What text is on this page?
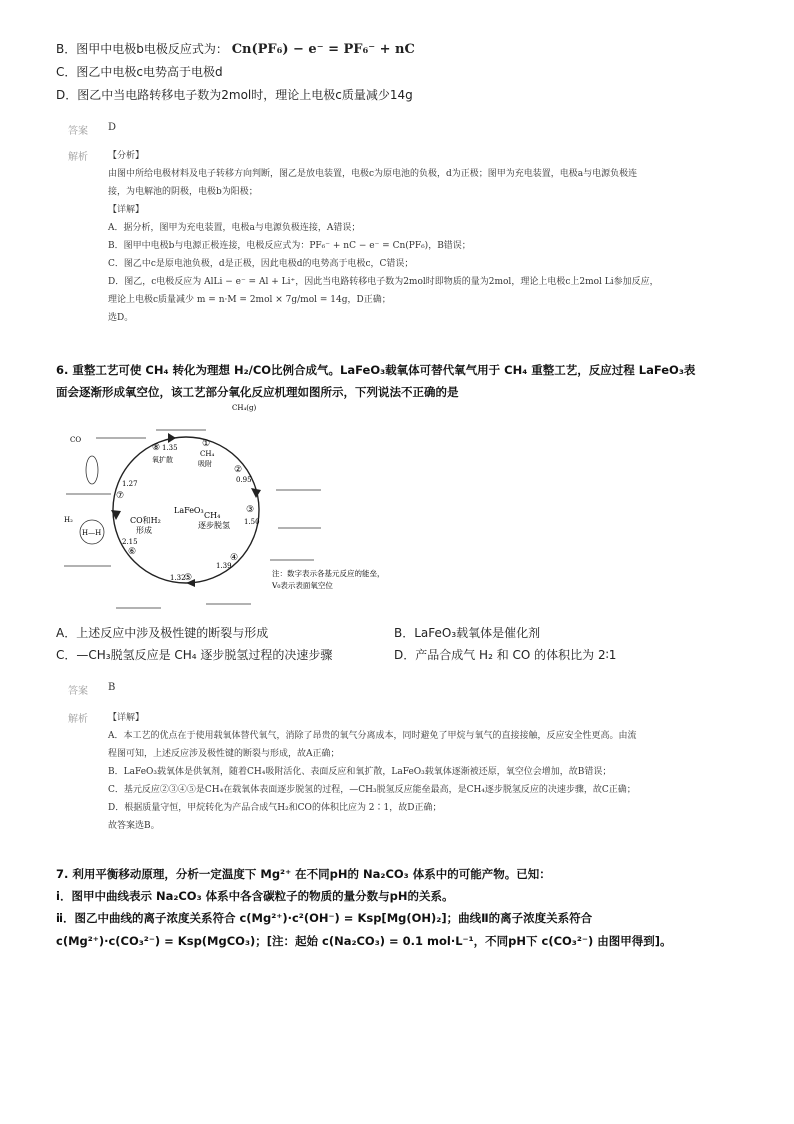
B．图甲中电极b电极反应式为： Cn(PF₆) − e⁻ = PF₆⁻ + nC
C．图乙中电极c电势高于电极d
D．图乙中当电路转移电子数为2mol时，理论上电极c质量减少14g
答案 D
解析 【分析】
由图中所给电极材料及电子转移方向判断，图乙是放电装置，电极c为原电池的负极，d为正极；图甲为充电装置，电极a与电源负极连
接，为电解池的阴极，电极b为阳极；
【详解】
A．据分析，图甲为充电装置，电极a与电源负极连接，A错误；
B．图甲中电极b与电源正极连接，电极反应式为：PF₆⁻ + nC − e⁻ = Cn(PF₆)，B错误；
C．图乙中c是原电池负极，d是正极，因此电极d的电势高于电极c，C错误；
D．图乙，c电极反应为 AlLi − e⁻ = Al + Li⁺，因此当电路转移电子数为2mol时即物质的量为2mol，理论上电极c上2mol Li参加反应，
理论上电极c质量减少 m = n·M = 2mol × 7g/mol = 14g，D正确；
选D。
6. 重整工艺可使 CH₄ 转化为理想 H₂/CO比例合成气。LaFeO₃载氧体可替代氧气用于 CH₄ 重整工艺，反应过程 LaFeO₃表
面会逐渐形成氧空位，该工艺部分氧化反应机理如图所示，下列说法不正确的是
LaFeO₃
CO和H₂
形成
CH₄
逐步脱氢
①
CH₄
吸附
②
0.95
③
1.50
④
1.39
1.32
⑤
2.15
⑥
1.27
⑦
⑧ 1.35
氧扩散
CH₄(g)
CO
H₂
H—H
注：数字表示各基元反应的能垒，
V₀表示表面氧空位
A．上述反应中涉及极性键的断裂与形成	B．LaFeO₃载氧体是催化剂
C．—CH₃脱氢反应是 CH₄ 逐步脱氢过程的决速步骤	D．产品合成气 H₂ 和 CO 的体积比为 2∶1
答案 B
解析 【详解】
A．本工艺的优点在于使用载氧体替代氧气，消除了昂贵的氧气分离成本，同时避免了甲烷与氧气的直接接触，反应安全性更高。由流
程图可知，上述反应涉及极性键的断裂与形成，故A正确；
B．LaFeO₃载氧体是供氧剂，随着CH₄吸附活化、表面反应和氧扩散，LaFeO₃载氧体逐渐被还原，氧空位会增加，故B错误；
C．基元反应②③④⑤是CH₄在载氧体表面逐步脱氢的过程，—CH₃脱氢反应能垒最高，是CH₄逐步脱氢反应的决速步骤，故C正确；
D．根据质量守恒，甲烷转化为产品合成气H₂和CO的体积比应为 2∶1，故D正确；
故答案选B。
7. 利用平衡移动原理，分析一定温度下 Mg²⁺ 在不同pH的 Na₂CO₃ 体系中的可能产物。已知：
ⅰ．图甲中曲线表示 Na₂CO₃ 体系中各含碳粒子的物质的量分数与pH的关系。
ⅱ．图乙中曲线的离子浓度关系符合 c(Mg²⁺)·c²(OH⁻) = Ksp[Mg(OH)₂]；曲线Ⅱ的离子浓度关系符合
c(Mg²⁺)·c(CO₃²⁻) = Ksp(MgCO₃)；[注：起始 c(Na₂CO₃) = 0.1 mol·L⁻¹，不同pH下 c(CO₃²⁻) 由图甲得到]。
